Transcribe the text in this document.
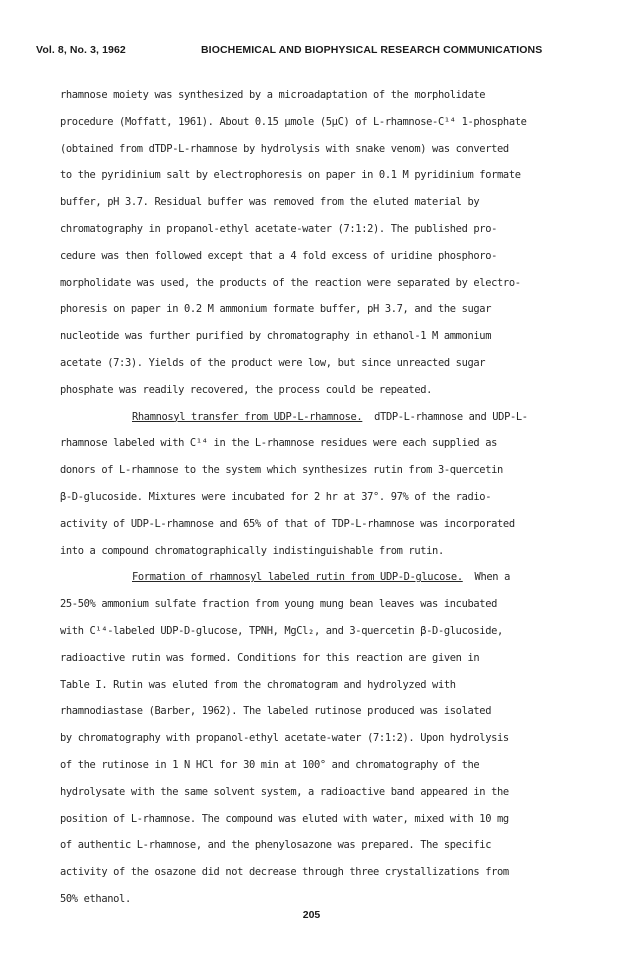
Vol. 8, No. 3, 1962	BIOCHEMICAL AND BIOPHYSICAL RESEARCH COMMUNICATIONS
rhamnose moiety was synthesized by a microadaptation of the morpholidate
procedure (Moffatt, 1961). About 0.15 µmole (5µC) of L-rhamnose-C¹⁴ 1-phosphate
(obtained from dTDP-L-rhamnose by hydrolysis with snake venom) was converted
to the pyridinium salt by electrophoresis on paper in 0.1 M pyridinium formate
buffer, pH 3.7. Residual buffer was removed from the eluted material by
chromatography in propanol-ethyl acetate-water (7:1:2). The published pro-
cedure was then followed except that a 4 fold excess of uridine phosphoro-
morpholidate was used, the products of the reaction were separated by electro-
phoresis on paper in 0.2 M ammonium formate buffer, pH 3.7, and the sugar
nucleotide was further purified by chromatography in ethanol-1 M ammonium
acetate (7:3). Yields of the product were low, but since unreacted sugar
phosphate was readily recovered, the process could be repeated.
Rhamnosyl transfer from UDP-L-rhamnose.  dTDP-L-rhamnose and UDP-L-
rhamnose labeled with C¹⁴ in the L-rhamnose residues were each supplied as
donors of L-rhamnose to the system which synthesizes rutin from 3-quercetin
β-D-glucoside. Mixtures were incubated for 2 hr at 37°. 97% of the radio-
activity of UDP-L-rhamnose and 65% of that of TDP-L-rhamnose was incorporated
into a compound chromatographically indistinguishable from rutin.
Formation of rhamnosyl labeled rutin from UDP-D-glucose.  When a
25-50% ammonium sulfate fraction from young mung bean leaves was incubated
with C¹⁴-labeled UDP-D-glucose, TPNH, MgCl₂, and 3-quercetin β-D-glucoside,
radioactive rutin was formed. Conditions for this reaction are given in
Table I. Rutin was eluted from the chromatogram and hydrolyzed with
rhamnodiastase (Barber, 1962). The labeled rutinose produced was isolated
by chromatography with propanol-ethyl acetate-water (7:1:2). Upon hydrolysis
of the rutinose in 1 N HCl for 30 min at 100° and chromatography of the
hydrolysate with the same solvent system, a radioactive band appeared in the
position of L-rhamnose. The compound was eluted with water, mixed with 10 mg
of authentic L-rhamnose, and the phenylosazone was prepared. The specific
activity of the osazone did not decrease through three crystallizations from
50% ethanol.
205
